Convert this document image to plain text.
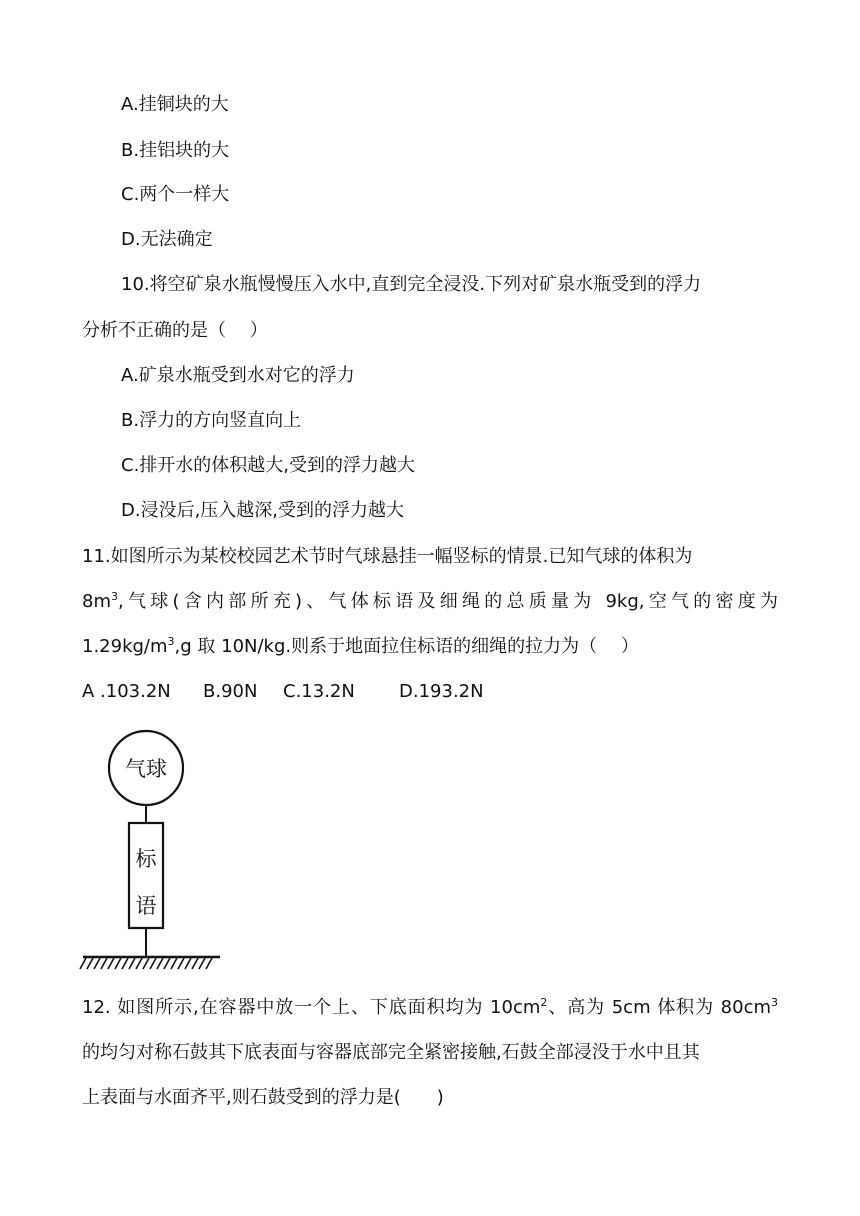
A.挂铜块的大
B.挂铝块的大
C.两个一样大
D.无法确定
10.将空矿泉水瓶慢慢压入水中,直到完全浸没.下列对矿泉水瓶受到的浮力
分析不正确的是（　 ）
A.矿泉水瓶受到水对它的浮力
B.浮力的方向竖直向上
C.排开水的体积越大,受到的浮力越大
D.浸没后,压入越深,受到的浮力越大
11.如图所示为某校校园艺术节时气球悬挂一幅竖标的情景.已知气球的体积为
$8m^3$,气球(含内部所充)、气体标语及细绳的总质量为 9kg,空气的密度为
$1.29kg/m^3,g$ 取 10N/kg.则系于地面拉住标语的细绳的拉力为（　 ）
A .103.2N B.90N C.13.2N D.193.2N
气球
标
语
12. 如图所示,在容器中放一个上、下底面积均为 $10cm^2$、高为 5cm 体积为 $80cm^3$
的均匀对称石鼓其下底表面与容器底部完全紧密接触,石鼓全部浸没于水中且其
上表面与水面齐平,则石鼓受到的浮力是(　　)
